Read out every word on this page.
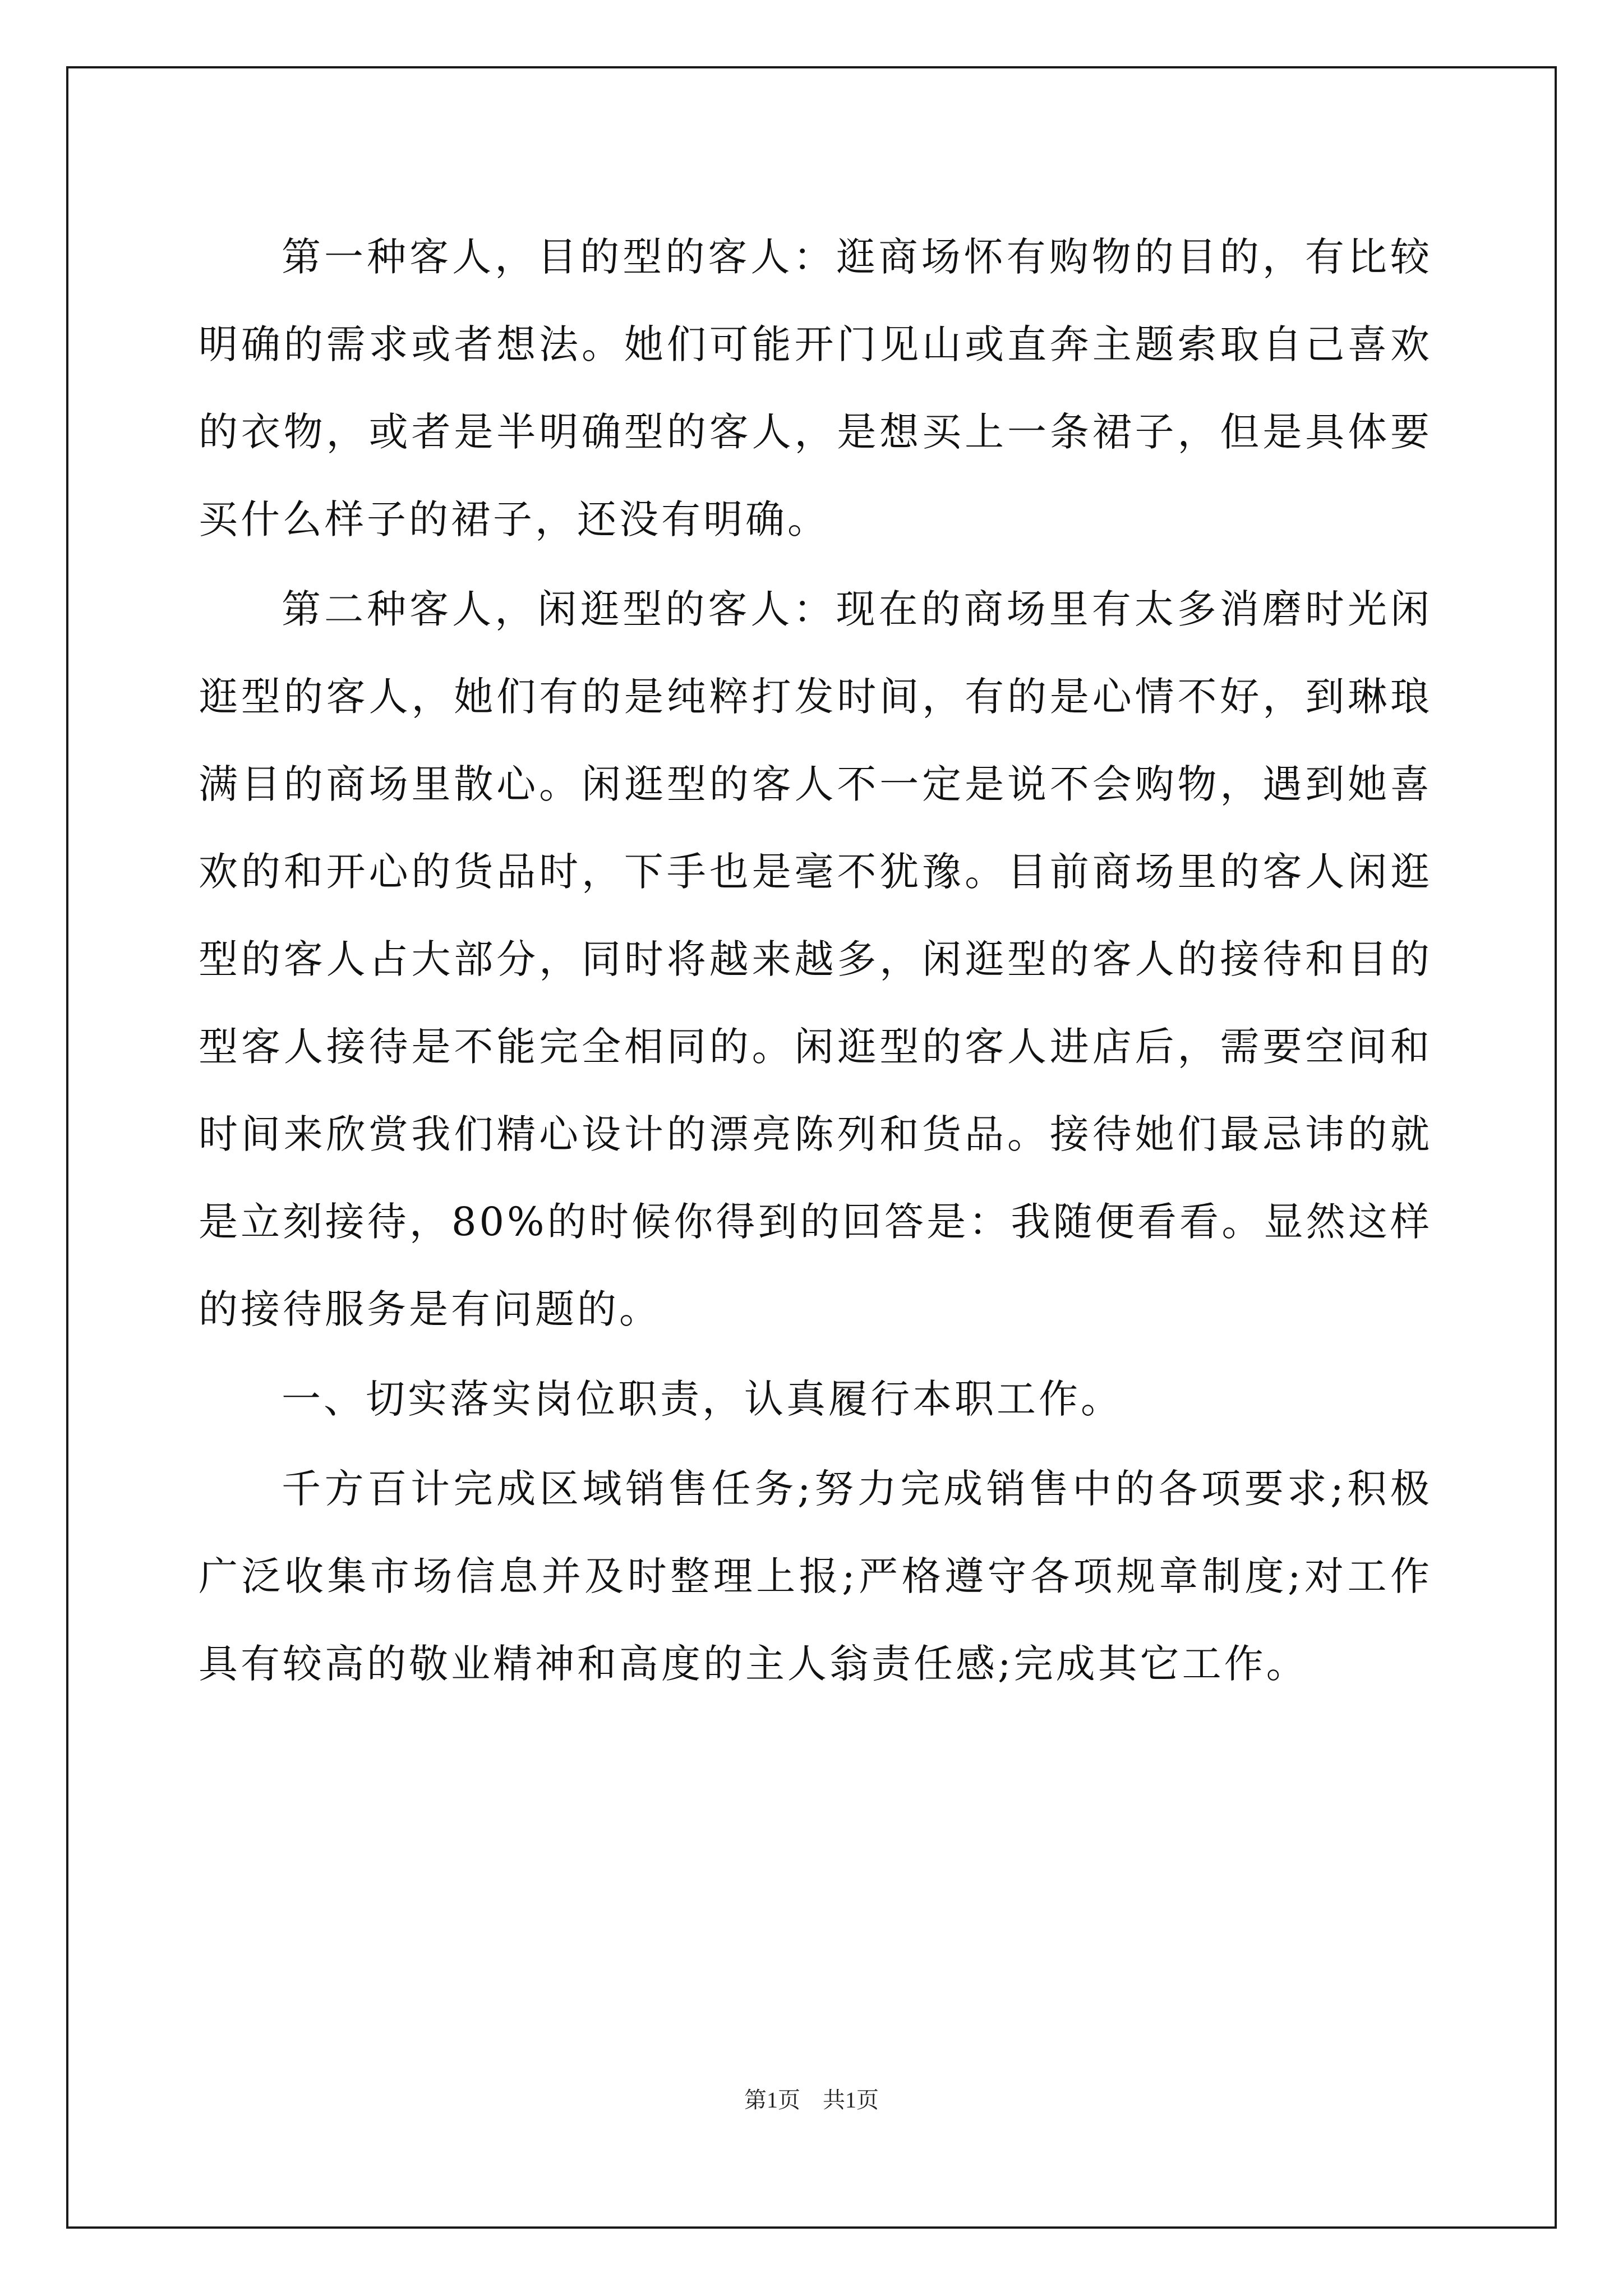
第一种客人，目的型的客人：逛商场怀有购物的目的，有比较明确的需求或者想法。她们可能开门见山或直奔主题索取自己喜欢的衣物，或者是半明确型的客人，是想买上一条裙子，但是具体要买什么样子的裙子，还没有明确。

第二种客人，闲逛型的客人：现在的商场里有太多消磨时光闲逛型的客人，她们有的是纯粹打发时间，有的是心情不好，到琳琅满目的商场里散心。闲逛型的客人不一定是说不会购物，遇到她喜欢的和开心的货品时，下手也是毫不犹豫。目前商场里的客人闲逛型的客人占大部分，同时将越来越多，闲逛型的客人的接待和目的型客人接待是不能完全相同的。闲逛型的客人进店后，需要空间和时间来欣赏我们精心设计的漂亮陈列和货品。接待她们最忌讳的就是立刻接待，80%的时候你得到的回答是：我随便看看。显然这样的接待服务是有问题的。

一、切实落实岗位职责，认真履行本职工作。

千方百计完成区域销售任务;努力完成销售中的各项要求;积极广泛收集市场信息并及时整理上报;严格遵守各项规章制度;对工作具有较高的敬业精神和高度的主人翁责任感;完成其它工作。

第1页　共1页
